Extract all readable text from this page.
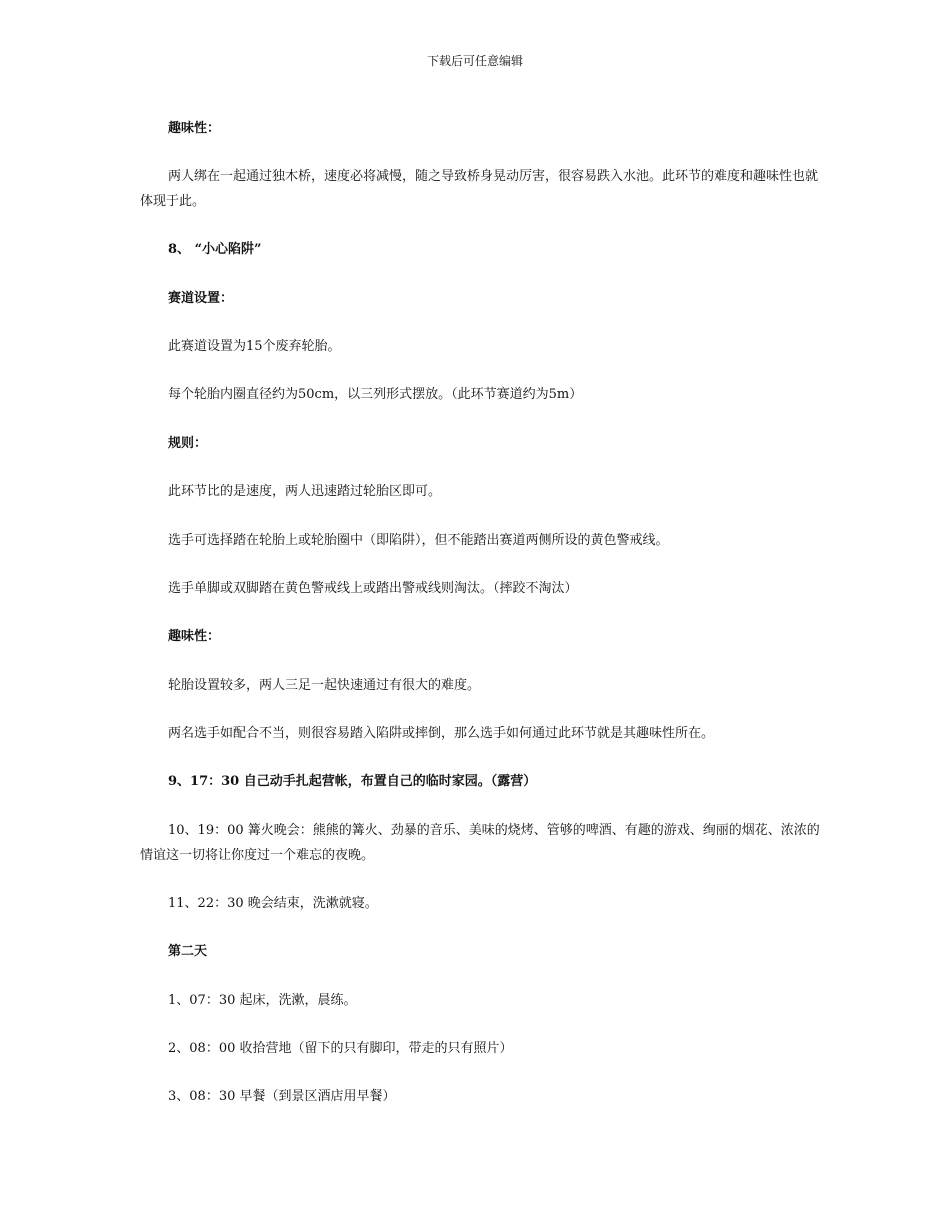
下载后可任意编辑
趣味性：
两人绑在一起通过独木桥，速度必将减慢，随之导致桥身晃动厉害，很容易跌入水池。此环节的难度和趣味性也就体现于此。
8、 “小心陷阱”
赛道设置：
此赛道设置为15个废弃轮胎。
每个轮胎内圈直径约为50cm，以三列形式摆放。（此环节赛道约为5m）
规则：
此环节比的是速度，两人迅速踏过轮胎区即可。
选手可选择踏在轮胎上或轮胎圈中（即陷阱），但不能踏出赛道两侧所设的黄色警戒线。
选手单脚或双脚踏在黄色警戒线上或踏出警戒线则淘汰。（摔跤不淘汰）
趣味性：
轮胎设置较多，两人三足一起快速通过有很大的难度。
两名选手如配合不当，则很容易踏入陷阱或摔倒，那么选手如何通过此环节就是其趣味性所在。
9、17：30 自己动手扎起营帐，布置自己的临时家园。（露营）
10、19：00 篝火晚会：熊熊的篝火、劲暴的音乐、美味的烧烤、管够的啤酒、有趣的游戏、绚丽的烟花、浓浓的情谊这一切将让你度过一个难忘的夜晚。
11、22：30 晚会结束，洗漱就寝。
第二天
1、07：30 起床，洗漱，晨练。
2、08：00 收拾营地（留下的只有脚印，带走的只有照片）
3、08：30 早餐（到景区酒店用早餐）
